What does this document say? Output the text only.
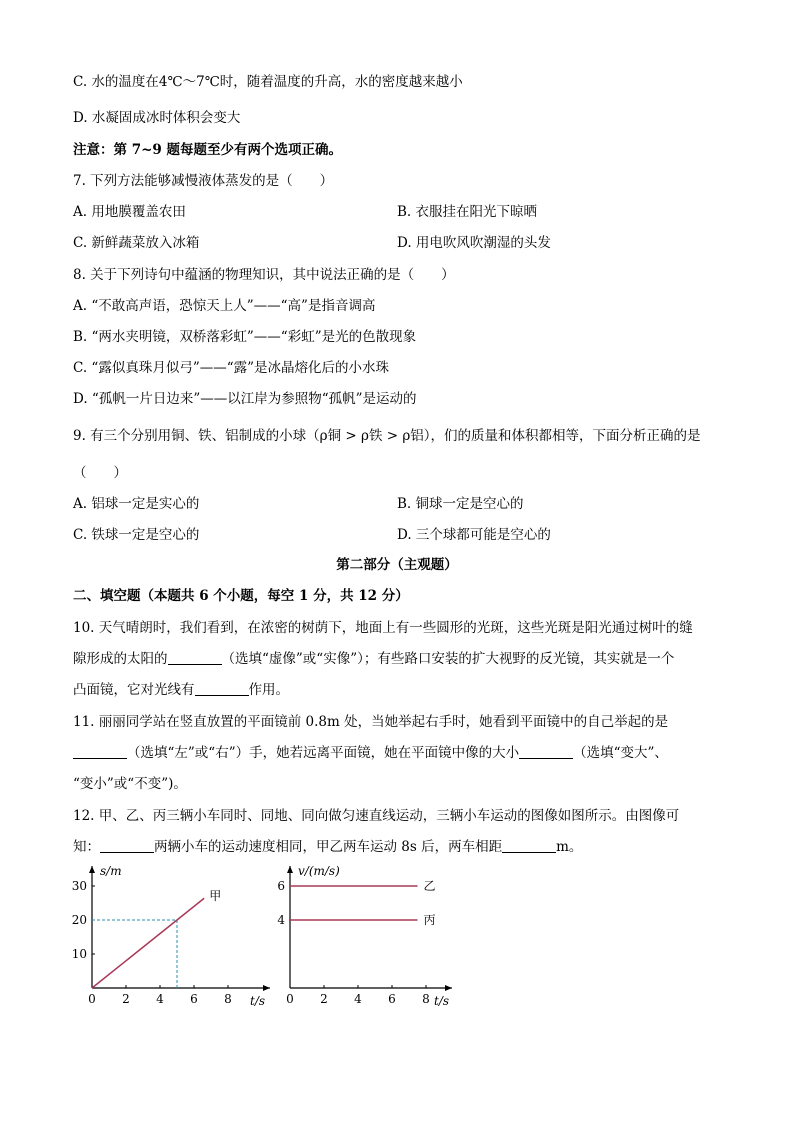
C. 水的温度在4℃～7℃时，随着温度的升高，水的密度越来越小
D. 水凝固成冰时体积会变大
注意：第 7~9 题每题至少有两个选项正确。
7. 下列方法能够减慢液体蒸发的是（　　）
A. 用地膜覆盖农田	B. 衣服挂在阳光下晾晒
C. 新鲜蔬菜放入冰箱	D. 用电吹风吹潮湿的头发
8. 关于下列诗句中蕴涵的物理知识，其中说法正确的是（　　）
A. “不敢高声语，恐惊天上人”——“高”是指音调高
B. “两水夹明镜，双桥落彩虹”——“彩虹”是光的色散现象
C. “露似真珠月似弓”——“露”是冰晶熔化后的小水珠
D. “孤帆一片日边来”——以江岸为参照物“孤帆”是运动的
9. 有三个分别用铜、铁、铝制成的小球（ρ铜 > ρ铁 > ρ铝），们的质量和体积都相等，下面分析正确的是
（　　）
A. 铝球一定是实心的	B. 铜球一定是空心的
C. 铁球一定是空心的	D. 三个球都可能是空心的
第二部分（主观题）
二、填空题（本题共 6 个小题，每空 1 分，共 12 分）
10. 天气晴朗时，我们看到，在浓密的树荫下，地面上有一些圆形的光斑，这些光斑是阳光通过树叶的缝
隙形成的太阳的	（选填“虚像”或“实像”）；有些路口安装的扩大视野的反光镜，其实就是一个
凸面镜，它对光线有	作用。
11. 丽丽同学站在竖直放置的平面镜前 0.8m 处，当她举起右手时，她看到平面镜中的自己举起的是
（选填“左”或“右”）手，她若远离平面镜，她在平面镜中像的大小	（选填“变大”、
“变小”或“不变”)。
12. 甲、乙、丙三辆小车同时、同地、同向做匀速直线运动，三辆小车运动的图像如图所示。由图像可
知：	两辆小车的运动速度相同，甲乙两车运动 8s 后，两车相距	m。
0 2 4 6 8
10
20
30
s/m
t/s
甲
0 2 4 6 8
4
6
v/(m/s)
t/s
乙
丙
